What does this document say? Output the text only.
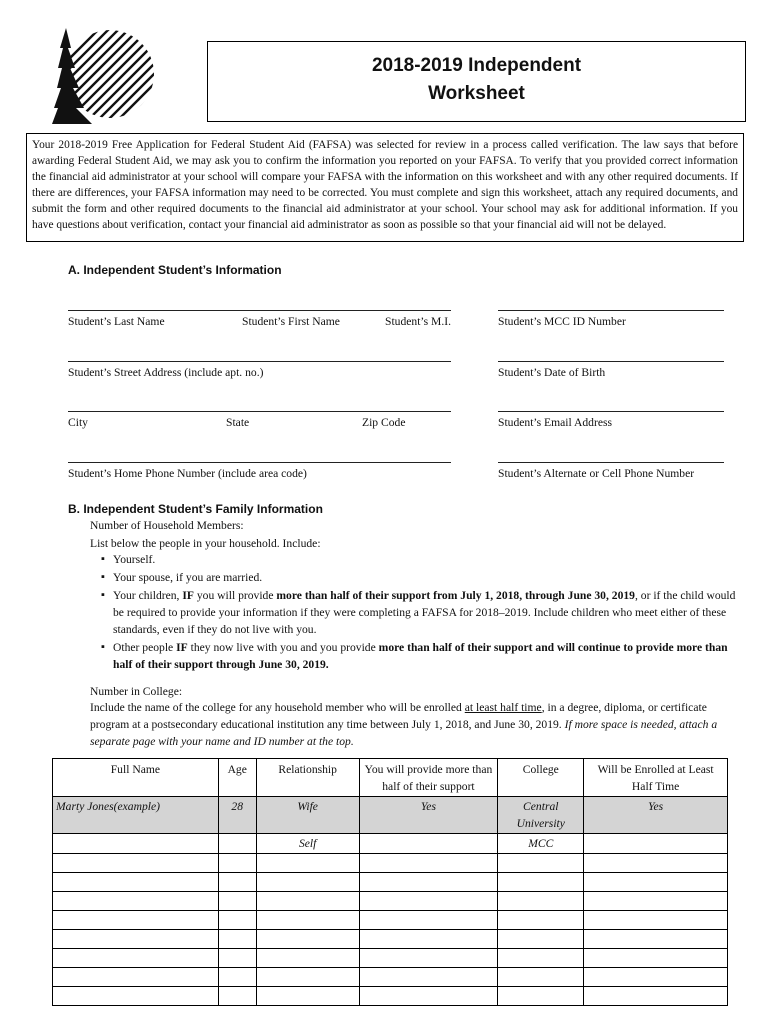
2018-2019 Independent
Worksheet
Your 2018-2019 Free Application for Federal Student Aid (FAFSA) was selected for review in a process called verification. The law says that before awarding Federal Student Aid, we may ask you to confirm the information you reported on your FAFSA. To verify that you provided correct information the financial aid administrator at your school will compare your FAFSA with the information on this worksheet and with any other required documents. If there are differences, your FAFSA information may need to be corrected. You must complete and sign this worksheet, attach any required documents, and submit the form and other required documents to the financial aid administrator at your school. Your school may ask for additional information. If you have questions about verification, contact your financial aid administrator as soon as possible so that your financial aid will not be delayed.
A. Independent Student’s Information
Student’s Last Name	Student’s First Name	Student’s M.I.	Student’s MCC ID Number
Student’s Street Address (include apt. no.)	Student’s Date of Birth
City	State	Zip Code	Student’s Email Address
Student’s Home Phone Number (include area code)	Student’s Alternate or Cell Phone Number
B. Independent Student’s Family Information
Number of Household Members:
List below the people in your household. Include:
▪ Yourself.
▪ Your spouse, if you are married.
▪ Your children, IF you will provide more than half of their support from July 1, 2018, through June 30, 2019, or if the child would be required to provide your information if they were completing a FAFSA for 2018–2019. Include children who meet either of these standards, even if they do not live with you.
▪ Other people IF they now live with you and you provide more than half of their support and will continue to provide more than half of their support through June 30, 2019.
Number in College:
Include the name of the college for any household member who will be enrolled at least half time, in a degree, diploma, or certificate program at a postsecondary educational institution any time between July 1, 2018, and June 30, 2019. If more space is needed, attach a separate page with your name and ID number at the top.
Full Name	Age	Relationship	You will provide more than half of their support	College	Will be Enrolled at Least Half Time
Marty Jones(example)	28	Wife	Yes	Central University	Yes
		Self		MCC	
